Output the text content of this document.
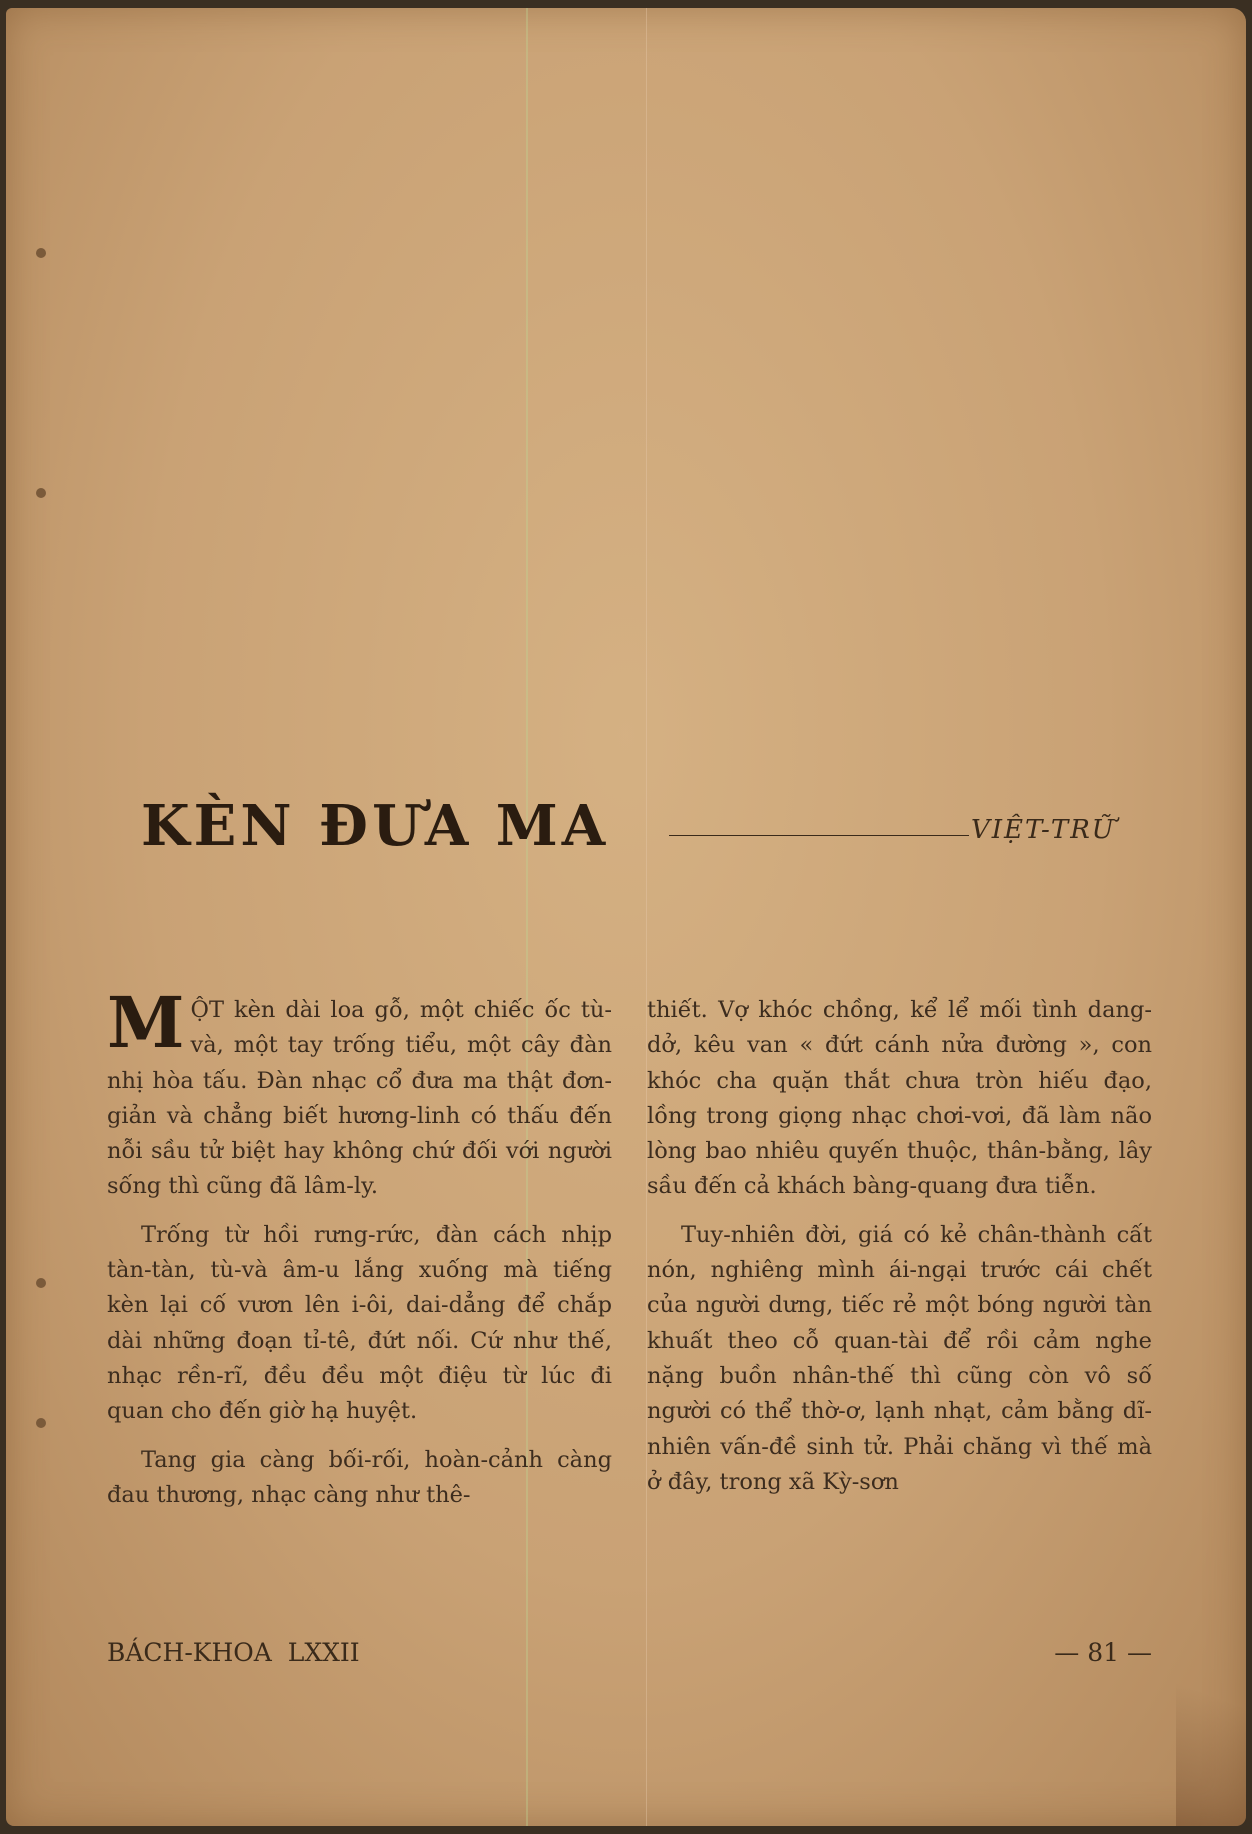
KÈN ĐƯA MA	VIỆT-TRỮ

MỘT kèn dài loa gỗ, một chiếc ốc tù-và, một tay trống tiểu, một cây đàn nhị hòa tấu. Đàn nhạc cổ đưa ma thật đơn-giản và chẳng biết hương-linh có thấu đến nỗi sầu tử biệt hay không chứ đối với người sống thì cũng đã lâm-ly.

Trống từ hồi rưng-rức, đàn cách nhịp tàn-tàn, tù-và âm-u lắng xuống mà tiếng kèn lại cố vươn lên i-ôi, dai-dẳng để chắp dài những đoạn tỉ-tê, đứt nối. Cứ như thế, nhạc rền-rĩ, đều đều một điệu từ lúc đi quan cho đến giờ hạ huyệt.

Tang gia càng bối-rối, hoàn-cảnh càng đau thương, nhạc càng như thê-

thiết. Vợ khóc chồng, kể lể mối tình dang-dở, kêu van « đứt cánh nửa đường », con khóc cha quặn thắt chưa tròn hiếu đạo, lồng trong giọng nhạc chơi-vơi, đã làm não lòng bao nhiêu quyến thuộc, thân-bằng, lây sầu đến cả khách bàng-quang đưa tiễn.

Tuy-nhiên đời, giá có kẻ chân-thành cất nón, nghiêng mình ái-ngại trước cái chết của người dưng, tiếc rẻ một bóng người tàn khuất theo cỗ quan-tài để rồi cảm nghe nặng buồn nhân-thế thì cũng còn vô số người có thể thờ-ơ, lạnh nhạt, cảm bằng dĩ-nhiên vấn-đề sinh tử. Phải chăng vì thế mà ở đây, trong xã Kỳ-sơn

BÁCH-KHOA  LXXII	— 81 —
